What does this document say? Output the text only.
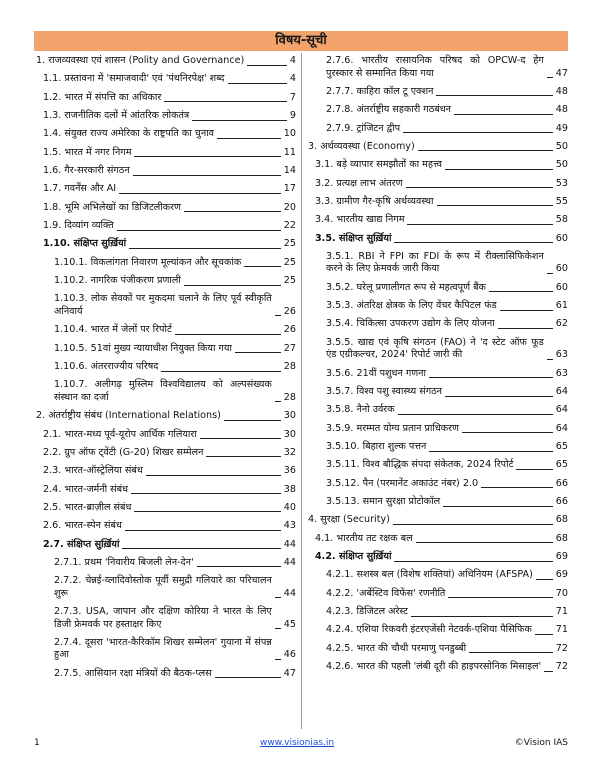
विषय-सूची
1. राजव्यवस्था एवं शासन (Polity and Governance)	4
1.1. प्रस्तावना में 'समाजवादी' एवं 'पंथनिरपेक्ष' शब्द	4
1.2. भारत में संपत्ति का अधिकार	7
1.3. राजनीतिक दलों में आंतरिक लोकतंत्र	9
1.4. संयुक्त राज्य अमेरिका के राष्ट्रपति का चुनाव	10
1.5. भारत में नगर निगम	11
1.6. गैर-सरकारी संगठन	14
1.7. गवर्नेंस और AI	17
1.8. भूमि अभिलेखों का डिजिटलीकरण	20
1.9. दिव्यांग व्यक्ति	22
1.10. संक्षिप्त सुर्ख़ियां	25
1.10.1. विकलांगता निवारण मूल्यांकन और सूचकांक	25
1.10.2. नागरिक पंजीकरण प्रणाली	25
1.10.3. लोक सेवकों पर मुकदमा चलाने के लिए पूर्व स्वीकृति अनिवार्य	26
1.10.4. भारत में जेलों पर रिपोर्ट	26
1.10.5. 51वां मुख्य न्यायाधीश नियुक्त किया गया	27
1.10.6. अंतरराज्यीय परिषद	28
1.10.7. अलीगढ़ मुस्लिम विश्वविद्यालय को अल्पसंख्यक संस्थान का दर्जा	28
2. अंतर्राष्ट्रीय संबंध (International Relations)	30
2.1. भारत-मध्य पूर्व-यूरोप आर्थिक गलियारा	30
2.2. ग्रुप ऑफ ट्वेंटी (G-20) शिखर सम्मेलन	32
2.3. भारत-ऑस्ट्रेलिया संबंध	36
2.4. भारत-जर्मनी संबंध	38
2.5. भारत-ब्राज़ील संबंध	40
2.6. भारत-स्पेन संबंध	43
2.7. संक्षिप्त सुर्ख़ियां	44
2.7.1. प्रथम 'निवारीय बिजली लेन-देन'	44
2.7.2. चेन्नई-व्लादिवोस्तोक पूर्वी समुद्री गलियारे का परिचालन शुरू	44
2.7.3. USA, जापान और दक्षिण कोरिया ने भारत के लिए डिजी फ्रेमवर्क पर हस्ताक्षर किए	45
2.7.4. दूसरा 'भारत-कैरिकॉम शिखर सम्मेलन' गुयाना में संपन्न हुआ	46
2.7.5. आसियान रक्षा मंत्रियों की बैठक-प्लस	47
2.7.6. भारतीय रासायनिक परिषद को OPCW-द हेग पुरस्कार से सम्मानित किया गया	47
2.7.7. काहिरा कॉल टू एक्शन	48
2.7.8. अंतर्राष्ट्रीय सहकारी गठबंधन	48
2.7.9. ट्रांजिटन द्वीप	49
3. अर्थव्यवस्था (Economy)	50
3.1. बड़े व्यापार समझौतों का महत्त्व	50
3.2. प्रत्यक्ष लाभ अंतरण	53
3.3. ग्रामीण गैर-कृषि अर्थव्यवस्था	55
3.4. भारतीय खाद्य निगम	58
3.5. संक्षिप्त सुर्ख़ियां	60
3.5.1. RBI ने FPI का FDI के रूप में रीक्लासिफिकेशन करने के लिए फ्रेमवर्क जारी किया	60
3.5.2. घरेलू प्रणालीगत रूप से महत्वपूर्ण बैंक	60
3.5.3. अंतरिक्ष क्षेत्रक के लिए वेंचर कैपिटल फंड	61
3.5.4. चिकित्सा उपकरण उद्योग के लिए योजना	62
3.5.5. खाद्य एवं कृषि संगठन (FAO) ने 'द स्टेट ऑफ फूड एंड एग्रीकल्चर, 2024' रिपोर्ट जारी की	63
3.5.6. 21वीं पशुधन गणना	63
3.5.7. विश्व पशु स्वास्थ्य संगठन	64
3.5.8. नैनो उर्वरक	64
3.5.9. मरम्मत योग्य प्रतान प्राधिकरण	64
3.5.10. बिहारा शुल्क पत्तन	65
3.5.11. विश्व बौद्धिक संपदा संकेतक, 2024 रिपोर्ट	65
3.5.12. पैन (परमानेंट अकाउंट नंबर) 2.0	66
3.5.13. समान सुरक्षा प्रोटोकॉल	66
4. सुरक्षा (Security)	68
4.1. भारतीय तट रक्षक बल	68
4.2. संक्षिप्त सुर्ख़ियां	69
4.2.1. सशस्त्र बल (विशेष शक्तियां) अधिनियम (AFSPA) 69
4.2.2. 'अर्बेस्टिव विफेंस' रणनीति	70
4.2.3. डिजिटल अरेस्ट	71
4.2.4. एशिया रिकवरी इंटरएजेंसी नेटवर्क-एशिया पैसिफिक 71
4.2.5. भारत की चौथी परमाणु पनडुब्बी	72
4.2.6. भारत की पहली 'लंबी दूरी की हाइपरसोनिक मिसाइल' 72
1	www.visionias.in	©Vision IAS
